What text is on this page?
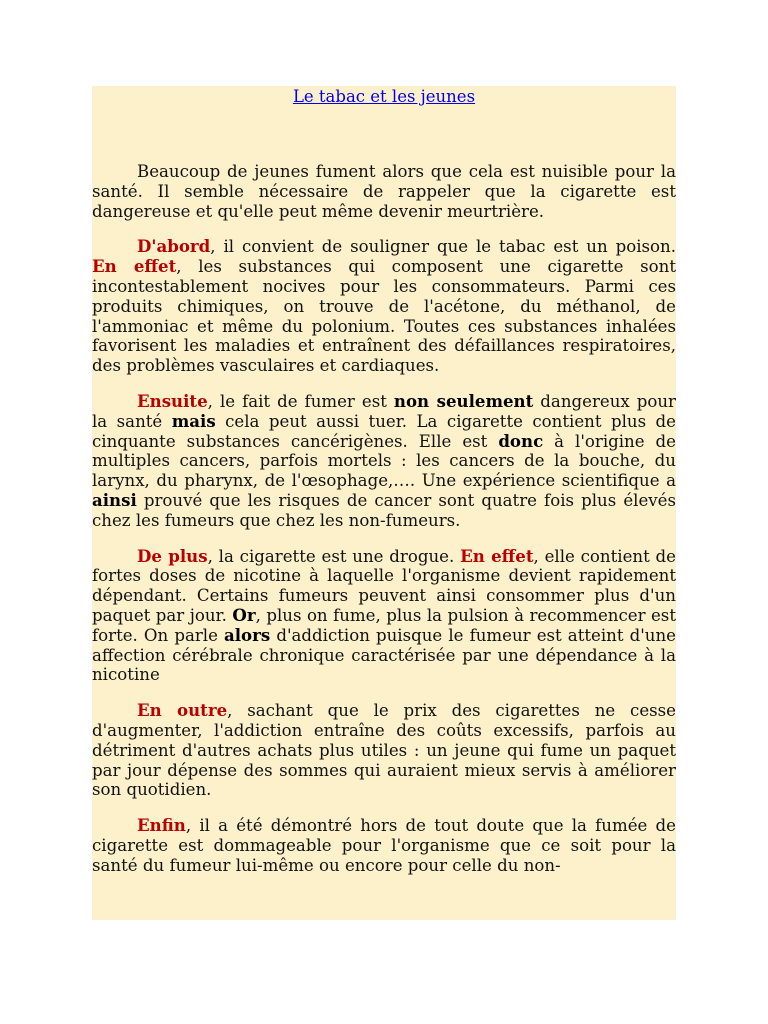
Le tabac et les jeunes

Beaucoup de jeunes fument alors que cela est nuisible pour la santé. Il semble nécessaire de rappeler que la cigarette est dangereuse et qu'elle peut même devenir meurtrière.

D'abord, il convient de souligner que le tabac est un poison. En effet, les substances qui composent une cigarette sont incontestablement nocives pour les consommateurs. Parmi ces produits chimiques, on trouve de l'acétone, du méthanol, de l'ammoniac et même du polonium. Toutes ces substances inhalées favorisent les maladies et entraînent des défaillances respiratoires, des problèmes vasculaires et cardiaques.

Ensuite, le fait de fumer est non seulement dangereux pour la santé mais cela peut aussi tuer. La cigarette contient plus de cinquante substances cancérigènes. Elle est donc à l'origine de multiples cancers, parfois mortels : les cancers de la bouche, du larynx, du pharynx, de l'œsophage,…. Une expérience scientifique a ainsi prouvé que les risques de cancer sont quatre fois plus élevés chez les fumeurs que chez les non-fumeurs.

De plus, la cigarette est une drogue. En effet, elle contient de fortes doses de nicotine à laquelle l'organisme devient rapidement dépendant. Certains fumeurs peuvent ainsi consommer plus d'un paquet par jour. Or, plus on fume, plus la pulsion à recommencer est forte. On parle alors d'addiction puisque le fumeur est atteint d'une affection cérébrale chronique caractérisée par une dépendance à la nicotine

En outre, sachant que le prix des cigarettes ne cesse d'augmenter, l'addiction entraîne des coûts excessifs, parfois au détriment d'autres achats plus utiles : un jeune qui fume un paquet par jour dépense des sommes qui auraient mieux servis à améliorer son quotidien.

Enfin, il a été démontré hors de tout doute que la fumée de cigarette est dommageable pour l'organisme que ce soit pour la santé du fumeur lui-même ou encore pour celle du non-
